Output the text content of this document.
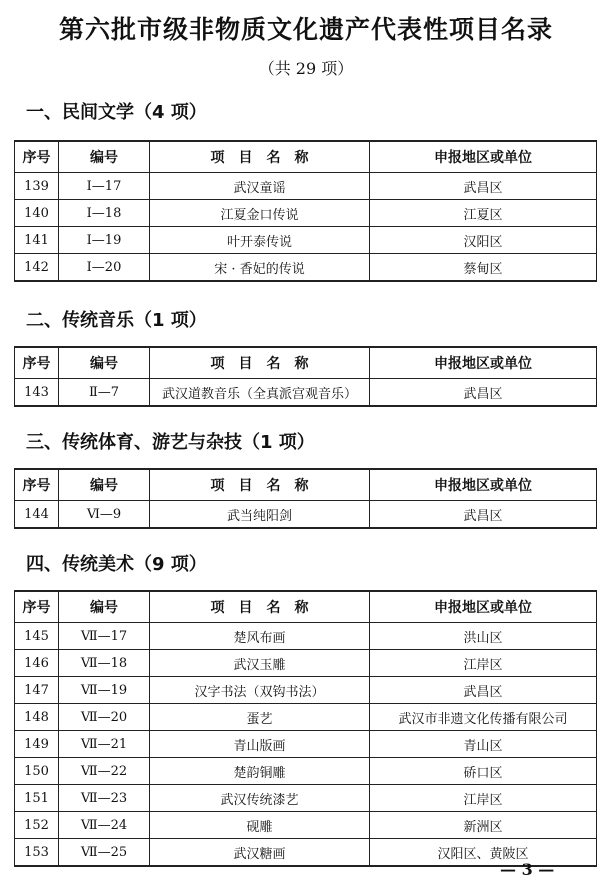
第六批市级非物质文化遗产代表性项目名录
（共 29 项）
一、民间文学（4 项）
序号	编号	项　目　名　称	申报地区或单位
139	Ⅰ—17	武汉童谣	武昌区
140	Ⅰ—18	江夏金口传说	江夏区
141	Ⅰ—19	叶开泰传说	汉阳区
142	Ⅰ—20	宋 · 香妃的传说	蔡甸区
二、传统音乐（1 项）
序号	编号	项　目　名　称	申报地区或单位
143	Ⅱ—7	武汉道教音乐（全真派宫观音乐）	武昌区
三、传统体育、游艺与杂技（1 项）
序号	编号	项　目　名　称	申报地区或单位
144	Ⅵ—9	武当纯阳剑	武昌区
四、传统美术（9 项）
序号	编号	项　目　名　称	申报地区或单位
145	Ⅶ—17	楚风布画	洪山区
146	Ⅶ—18	武汉玉雕	江岸区
147	Ⅶ—19	汉字书法（双钩书法）	武昌区
148	Ⅶ—20	蛋艺	武汉市非遗文化传播有限公司
149	Ⅶ—21	青山版画	青山区
150	Ⅶ—22	楚韵铜雕	硚口区
151	Ⅶ—23	武汉传统漆艺	江岸区
152	Ⅶ—24	砚雕	新洲区
153	Ⅶ—25	武汉糖画	汉阳区、黄陂区
— 3 —
